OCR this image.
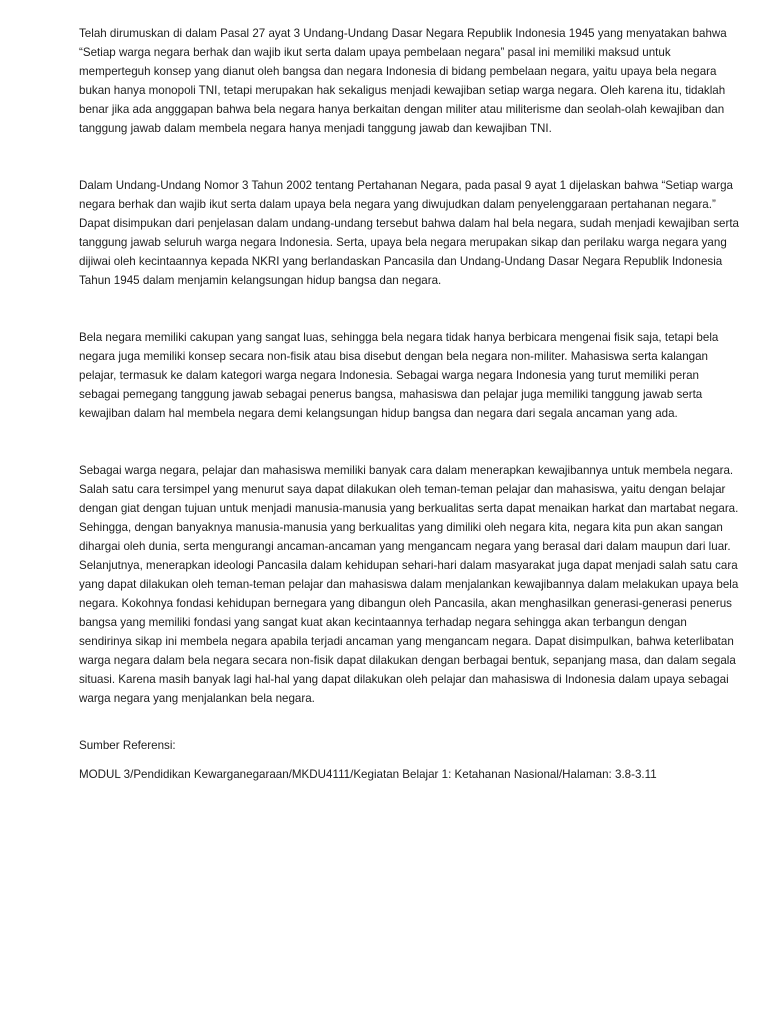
Telah dirumuskan di dalam Pasal 27 ayat 3 Undang-Undang Dasar Negara Republik Indonesia 1945 yang menyatakan bahwa “Setiap warga negara berhak dan wajib ikut serta dalam upaya pembelaan negara” pasal ini memiliki maksud untuk memperteguh konsep yang dianut oleh bangsa dan negara Indonesia di bidang pembelaan negara, yaitu upaya bela negara bukan hanya monopoli TNI, tetapi merupakan hak sekaligus menjadi kewajiban setiap warga negara. Oleh karena itu, tidaklah benar jika ada angggapan bahwa bela negara hanya berkaitan dengan militer atau militerisme dan seolah-olah kewajiban dan tanggung jawab dalam membela negara hanya menjadi tanggung jawab dan kewajiban TNI.

Dalam Undang-Undang Nomor 3 Tahun 2002 tentang Pertahanan Negara, pada pasal 9 ayat 1 dijelaskan bahwa “Setiap warga negara berhak dan wajib ikut serta dalam upaya bela negara yang diwujudkan dalam penyelenggaraan pertahanan negara.” Dapat disimpukan dari penjelasan dalam undang-undang tersebut bahwa dalam hal bela negara, sudah menjadi kewajiban serta tanggung jawab seluruh warga negara Indonesia. Serta, upaya bela negara merupakan sikap dan perilaku warga negara yang dijiwai oleh kecintaannya kepada NKRI yang berlandaskan Pancasila dan Undang-Undang Dasar Negara Republik Indonesia Tahun 1945 dalam menjamin kelangsungan hidup bangsa dan negara.

Bela negara memiliki cakupan yang sangat luas, sehingga bela negara tidak hanya berbicara mengenai fisik saja, tetapi bela negara juga memiliki konsep secara non-fisik atau bisa disebut dengan bela negara non-militer. Mahasiswa serta kalangan pelajar, termasuk ke dalam kategori warga negara Indonesia. Sebagai warga negara Indonesia yang turut memiliki peran sebagai pemegang tanggung jawab sebagai penerus bangsa, mahasiswa dan pelajar juga memiliki tanggung jawab serta kewajiban dalam hal membela negara demi kelangsungan hidup bangsa dan negara dari segala ancaman yang ada.

Sebagai warga negara, pelajar dan mahasiswa memiliki banyak cara dalam menerapkan kewajibannya untuk membela negara. Salah satu cara tersimpel yang menurut saya dapat dilakukan oleh teman-teman pelajar dan mahasiswa, yaitu dengan belajar dengan giat dengan tujuan untuk menjadi manusia-manusia yang berkualitas serta dapat menaikan harkat dan martabat negara. Sehingga, dengan banyaknya manusia-manusia yang berkualitas yang dimiliki oleh negara kita, negara kita pun akan sangan dihargai oleh dunia, serta mengurangi ancaman-ancaman yang mengancam negara yang berasal dari dalam maupun dari luar. Selanjutnya, menerapkan ideologi Pancasila dalam kehidupan sehari-hari dalam masyarakat juga dapat menjadi salah satu cara yang dapat dilakukan oleh teman-teman pelajar dan mahasiswa dalam menjalankan kewajibannya dalam melakukan upaya bela negara. Kokohnya fondasi kehidupan bernegara yang dibangun oleh Pancasila, akan menghasilkan generasi-generasi penerus bangsa yang memiliki fondasi yang sangat kuat akan kecintaannya terhadap negara sehingga akan terbangun dengan sendirinya sikap ini membela negara apabila terjadi ancaman yang mengancam negara. Dapat disimpulkan, bahwa keterlibatan warga negara dalam bela negara secara non-fisik dapat dilakukan dengan berbagai bentuk, sepanjang masa, dan dalam segala situasi. Karena masih banyak lagi hal-hal yang dapat dilakukan oleh pelajar dan mahasiswa di Indonesia dalam upaya sebagai warga negara yang menjalankan bela negara.

Sumber Referensi:

MODUL 3/Pendidikan Kewarganegaraan/MKDU4111/Kegiatan Belajar 1: Ketahanan Nasional/Halaman: 3.8-3.11
